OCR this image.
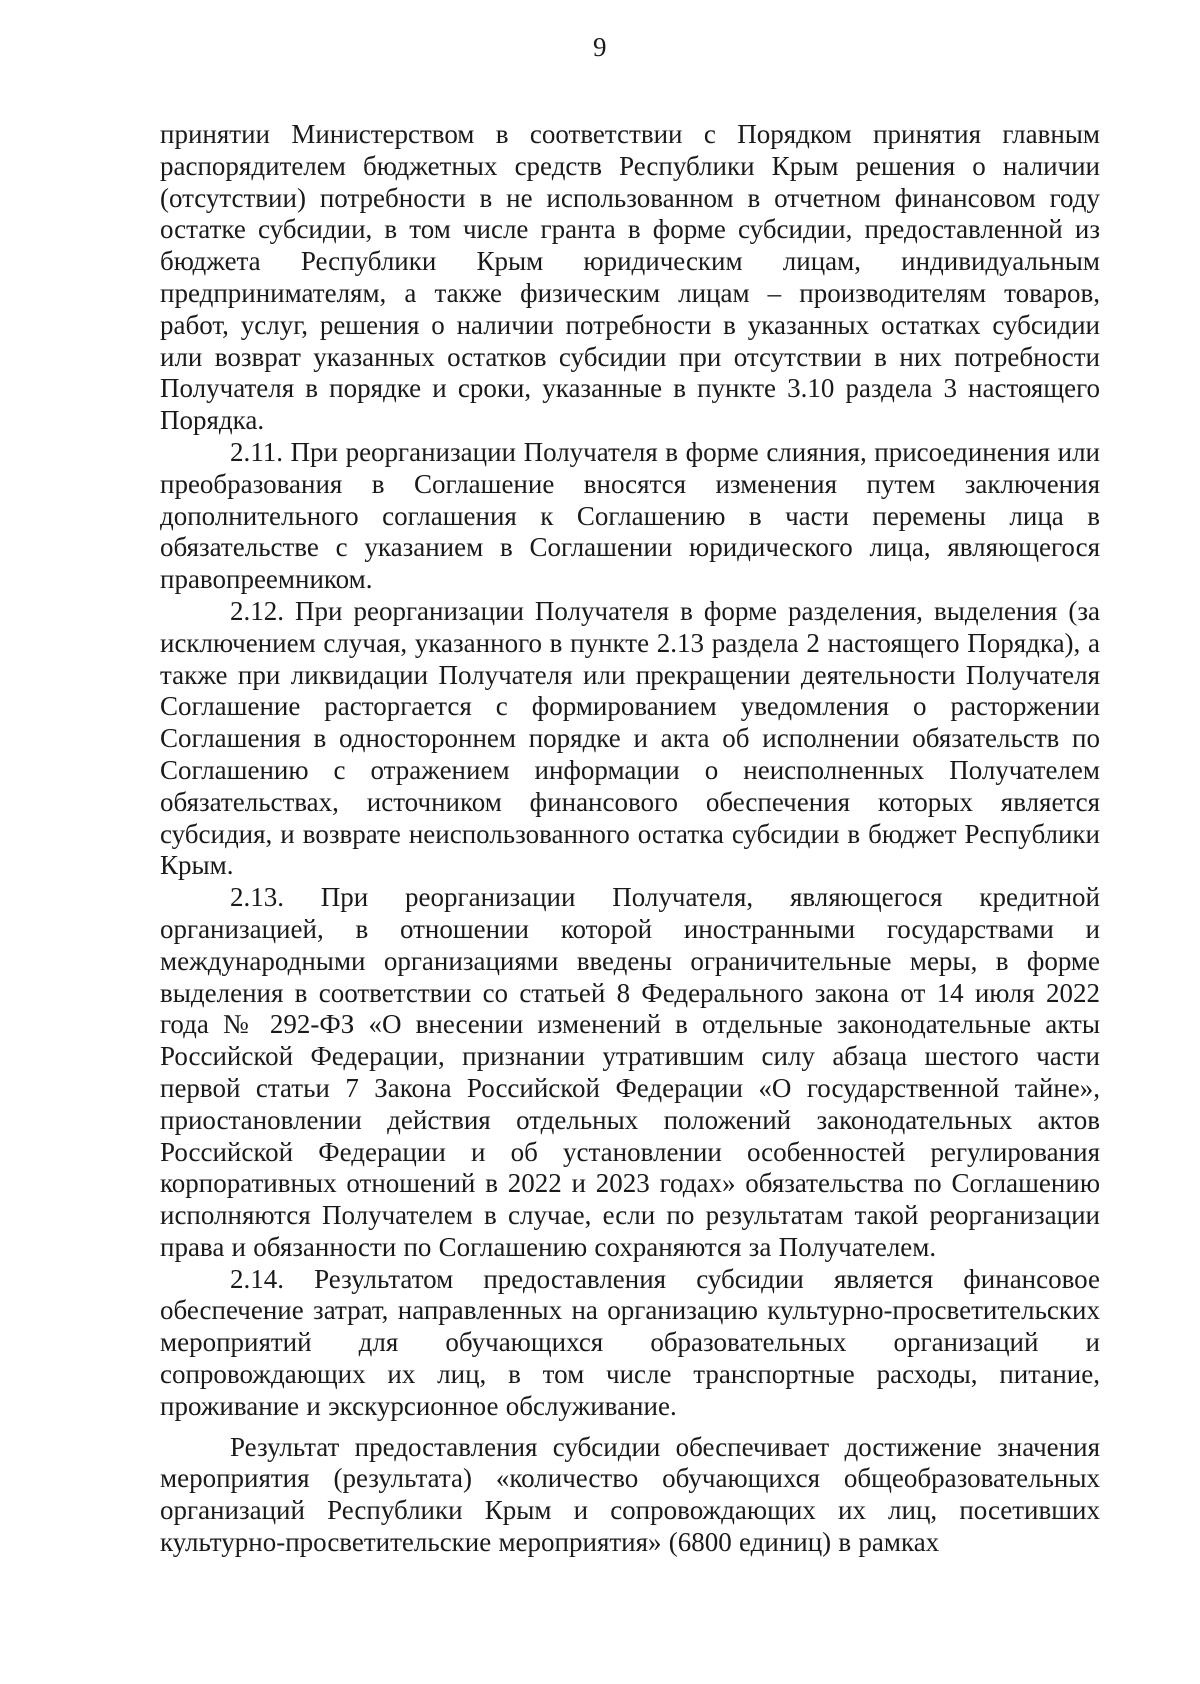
9

принятии Министерством в соответствии с Порядком принятия главным распорядителем бюджетных средств Республики Крым решения о наличии (отсутствии) потребности в не использованном в отчетном финансовом году остатке субсидии, в том числе гранта в форме субсидии, предоставленной из бюджета Республики Крым юридическим лицам, индивидуальным предпринимателям, а также физическим лицам – производителям товаров, работ, услуг, решения о наличии потребности в указанных остатках субсидии или возврат указанных остатков субсидии при отсутствии в них потребности Получателя в порядке и сроки, указанные в пункте 3.10 раздела 3 настоящего Порядка.

2.11. При реорганизации Получателя в форме слияния, присоединения или преобразования в Соглашение вносятся изменения путем заключения дополнительного соглашения к Соглашению в части перемены лица в обязательстве с указанием в Соглашении юридического лица, являющегося правопреемником.

2.12. При реорганизации Получателя в форме разделения, выделения (за исключением случая, указанного в пункте 2.13 раздела 2 настоящего Порядка), а также при ликвидации Получателя или прекращении деятельности Получателя Соглашение расторгается с формированием уведомления о расторжении Соглашения в одностороннем порядке и акта об исполнении обязательств по Соглашению с отражением информации о неисполненных Получателем обязательствах, источником финансового обеспечения которых является субсидия, и возврате неиспользованного остатка субсидии в бюджет Республики Крым.

2.13. При реорганизации Получателя, являющегося кредитной организацией, в отношении которой иностранными государствами и международными организациями введены ограничительные меры, в форме выделения в соответствии со статьей 8 Федерального закона от 14 июля 2022 года № 292-ФЗ «О внесении изменений в отдельные законодательные акты Российской Федерации, признании утратившим силу абзаца шестого части первой статьи 7 Закона Российской Федерации «О государственной тайне», приостановлении действия отдельных положений законодательных актов Российской Федерации и об установлении особенностей регулирования корпоративных отношений в 2022 и 2023 годах» обязательства по Соглашению исполняются Получателем в случае, если по результатам такой реорганизации права и обязанности по Соглашению сохраняются за Получателем.

2.14. Результатом предоставления субсидии является финансовое обеспечение затрат, направленных на организацию культурно-просветительских мероприятий для обучающихся образовательных организаций и сопровождающих их лиц, в том числе транспортные расходы, питание, проживание и экскурсионное обслуживание.

Результат предоставления субсидии обеспечивает достижение значения мероприятия (результата) «количество обучающихся общеобразовательных организаций Республики Крым и сопровождающих их лиц, посетивших культурно-просветительские мероприятия» (6800 единиц) в рамках
